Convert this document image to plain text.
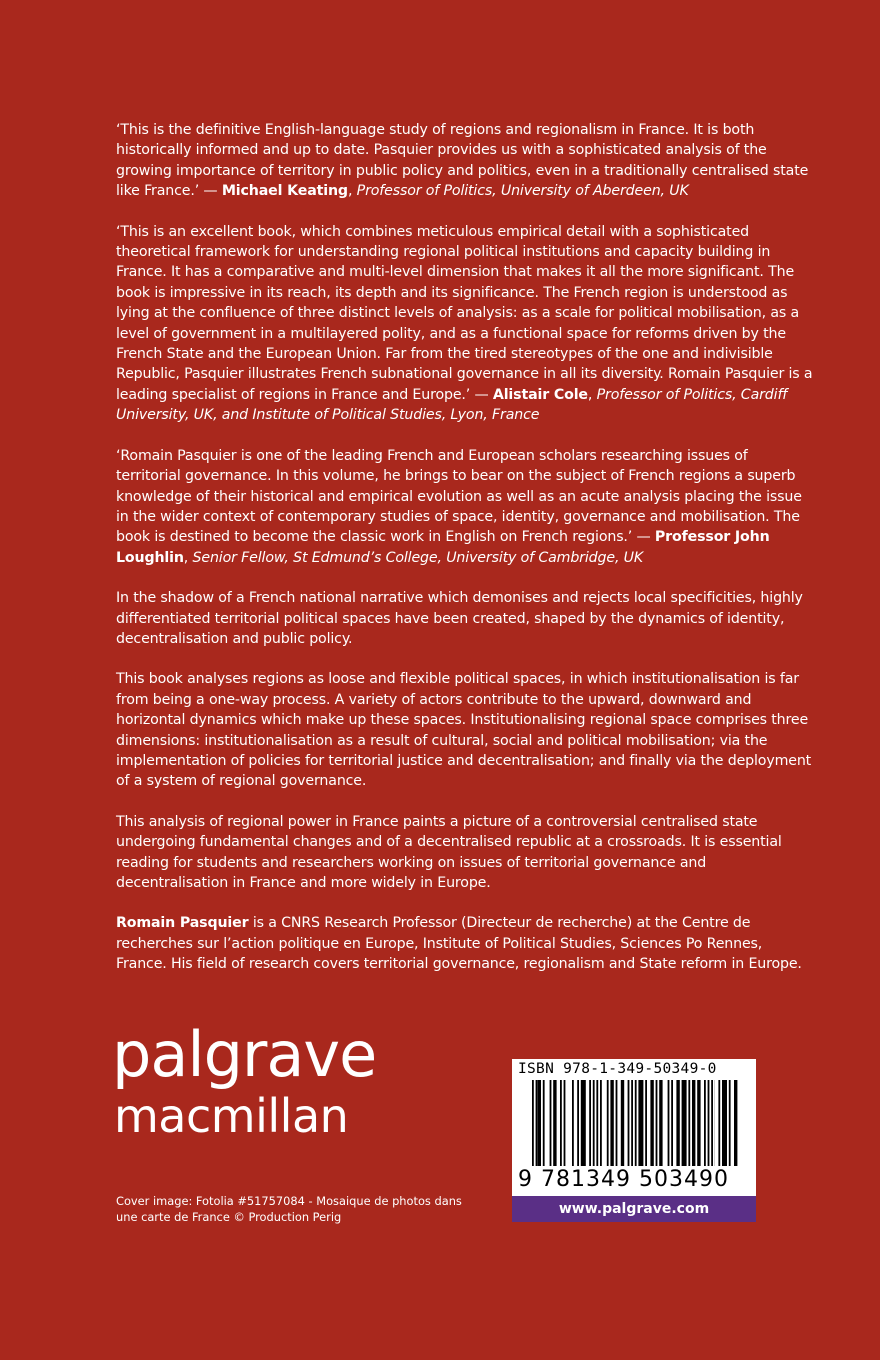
‘This is the definitive English-language study of regions and regionalism in France. It is both historically informed and up to date. Pasquier provides us with a sophisticated analysis of the growing importance of territory in public policy and politics, even in a traditionally centralised state like France.’ — Michael Keating, Professor of Politics, University of Aberdeen, UK

‘This is an excellent book, which combines meticulous empirical detail with a sophisticated theoretical framework for understanding regional political institutions and capacity building in France. It has a comparative and multi-level dimension that makes it all the more significant. The book is impressive in its reach, its depth and its significance. The French region is understood as lying at the confluence of three distinct levels of analysis: as a scale for political mobilisation, as a level of government in a multilayered polity, and as a functional space for reforms driven by the French State and the European Union. Far from the tired stereotypes of the one and indivisible Republic, Pasquier illustrates French subnational governance in all its diversity. Romain Pasquier is a leading specialist of regions in France and Europe.’ — Alistair Cole, Professor of Politics, Cardiff University, UK, and Institute of Political Studies, Lyon, France

‘Romain Pasquier is one of the leading French and European scholars researching issues of territorial governance. In this volume, he brings to bear on the subject of French regions a superb knowledge of their historical and empirical evolution as well as an acute analysis placing the issue in the wider context of contemporary studies of space, identity, governance and mobilisation. The book is destined to become the classic work in English on French regions.’ — Professor John Loughlin, Senior Fellow, St Edmund’s College, University of Cambridge, UK

In the shadow of a French national narrative which demonises and rejects local specificities, highly differentiated territorial political spaces have been created, shaped by the dynamics of identity, decentralisation and public policy.

This book analyses regions as loose and flexible political spaces, in which institutionalisation is far from being a one-way process. A variety of actors contribute to the upward, downward and horizontal dynamics which make up these spaces. Institutionalising regional space comprises three dimensions: institutionalisation as a result of cultural, social and political mobilisation; via the implementation of policies for territorial justice and decentralisation; and finally via the deployment of a system of regional governance.

This analysis of regional power in France paints a picture of a controversial centralised state undergoing fundamental changes and of a decentralised republic at a crossroads. It is essential reading for students and researchers working on issues of territorial governance and decentralisation in France and more widely in Europe.

Romain Pasquier is a CNRS Research Professor (Directeur de recherche) at the Centre de recherches sur l’action politique en Europe, Institute of Political Studies, Sciences Po Rennes, France. His field of research covers territorial governance, regionalism and State reform in Europe.

palgrave
macmillan
Cover image: Fotolia #51757084 - Mosaique de photos dans une carte de France © Production Perig
ISBN 978-1-349-50349-0
9 781349 503490
www.palgrave.com
